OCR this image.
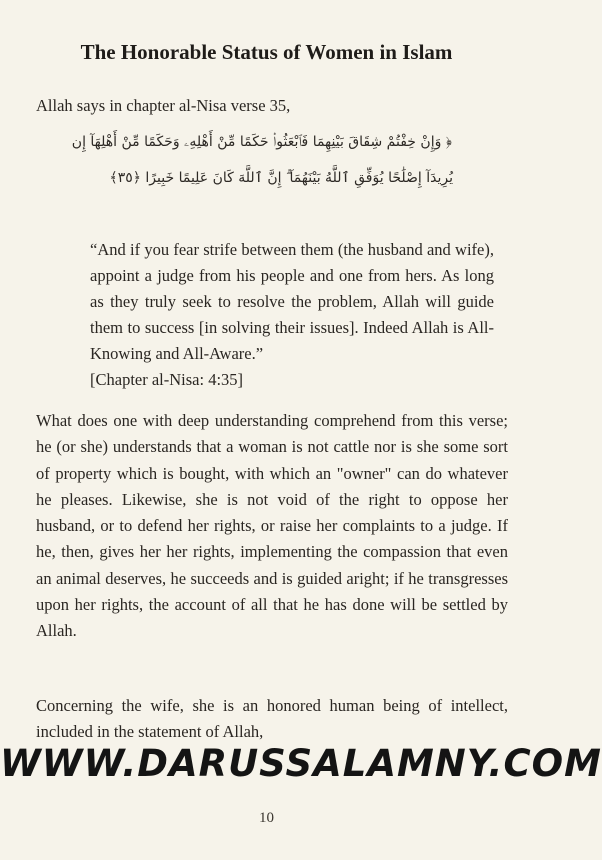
The Honorable Status of Women in Islam
Allah says in chapter al-Nisa verse 35,
﴿ وَإِنْ خِفْتُمْ شِقَاقَ بَيْنِهِمَا فَٱبْعَثُوا۟ حَكَمًا مِّنْ أَهْلِهِۦ وَحَكَمًا مِّنْ أَهْلِهَآ إِن
يُرِيدَآ إِصْلَٰحًا يُوَفِّقِ ٱللَّهُ بَيْنَهُمَآ ۗ إِنَّ ٱللَّهَ كَانَ عَلِيمًا خَبِيرًا ﴿٣٥﴾
“And if you fear strife between them (the husband and wife), appoint a judge from his people and one from hers. As long as they truly seek to resolve the problem, Allah will guide them to success [in solving their issues]. Indeed Allah is All-Knowing and All-Aware.”
[Chapter al-Nisa: 4:35]
What does one with deep understanding comprehend from this verse; he (or she) understands that a woman is not cattle nor is she some sort of property which is bought, with which an "owner" can do whatever he pleases. Likewise, she is not void of the right to oppose her husband, or to defend her rights, or raise her complaints to a judge. If he, then, gives her her rights, implementing the compassion that even an animal deserves, he succeeds and is guided aright; if he transgresses upon her rights, the account of all that he has done will be settled by Allah.
Concerning the wife, she is an honored human being of intellect, included in the statement of Allah,
WWW.DARUSSALAMNY.COM
10
